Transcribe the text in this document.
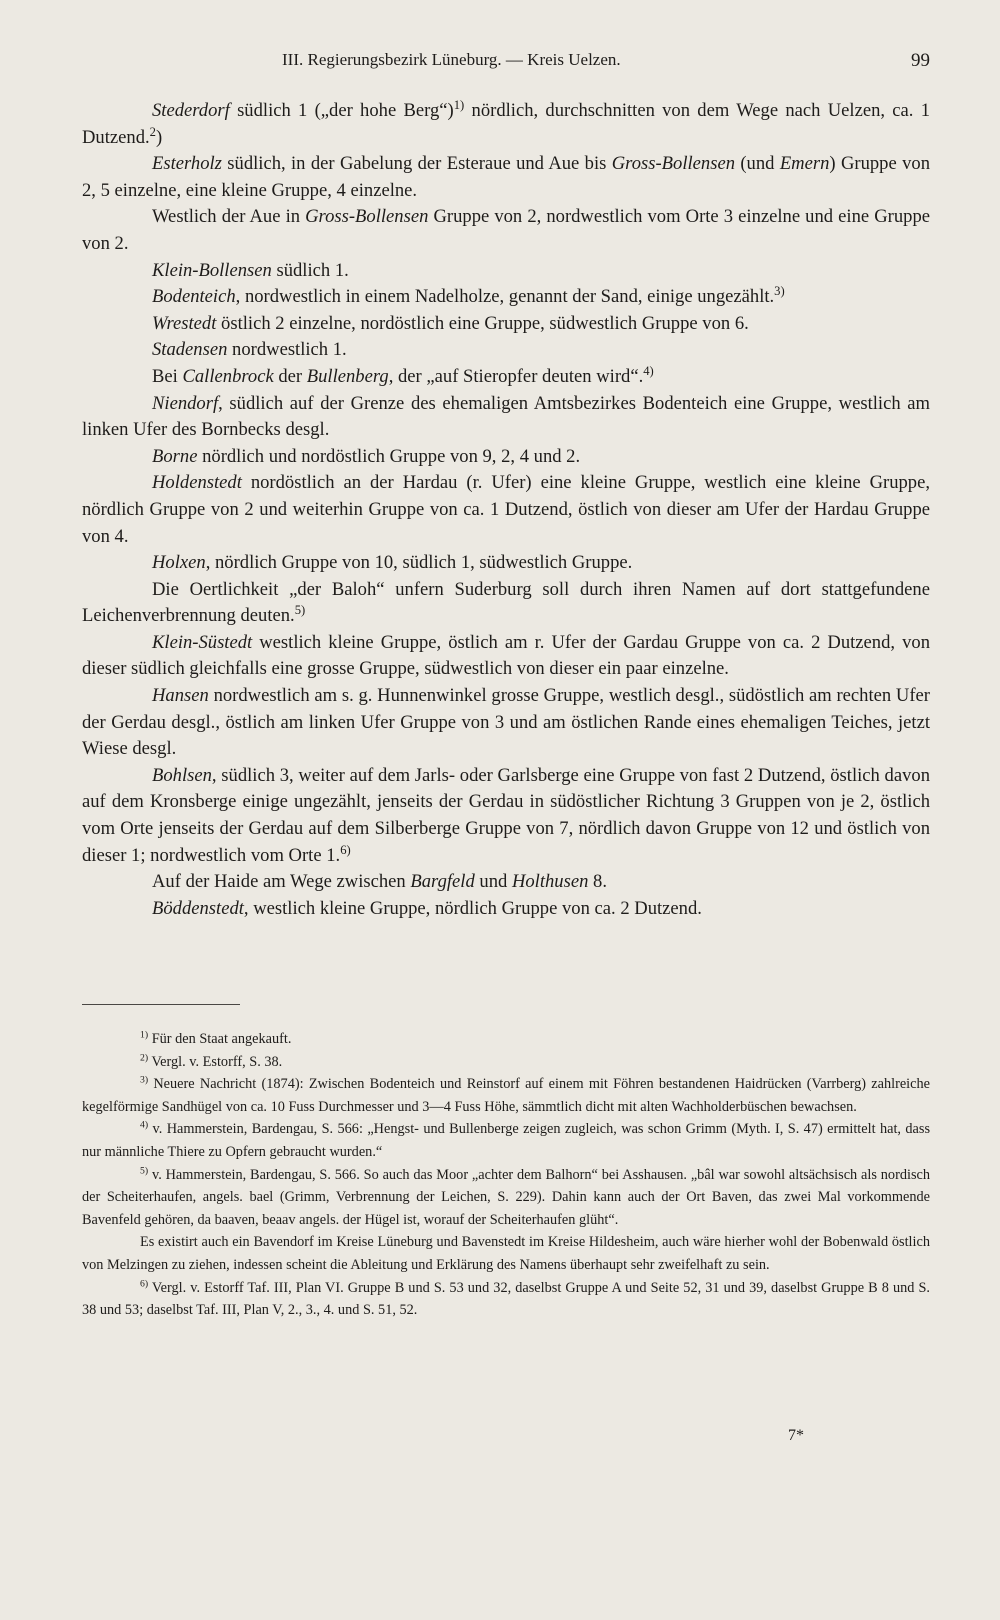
III. Regierungsbezirk Lüneburg. — Kreis Uelzen.	99

Stederdorf südlich 1 („der hohe Berg“)$^{1)}$ nördlich, durchschnitten von dem Wege nach Uelzen, ca. 1 Dutzend.$^2$)

Esterholz südlich, in der Gabelung der Esteraue und Aue bis Gross-Bollensen (und Emern) Gruppe von 2, 5 einzelne, eine kleine Gruppe, 4 einzelne.

Westlich der Aue in Gross-Bollensen Gruppe von 2, nordwestlich vom Orte 3 einzelne und eine Gruppe von 2.

Klein-Bollensen südlich 1.

Bodenteich, nordwestlich in einem Nadelholze, genannt der Sand, einige ungezählt.$^{3)}$

Wrestedt östlich 2 einzelne, nordöstlich eine Gruppe, südwestlich Gruppe von 6.

Stadensen nordwestlich 1.

Bei Callenbrock der Bullenberg, der „auf Stieropfer deuten wird“.$^{4)}$

Niendorf, südlich auf der Grenze des ehemaligen Amtsbezirkes Bodenteich eine Gruppe, westlich am linken Ufer des Bornbecks desgl.

Borne nördlich und nordöstlich Gruppe von 9, 2, 4 und 2.

Holdenstedt nordöstlich an der Hardau (r. Ufer) eine kleine Gruppe, westlich eine kleine Gruppe, nördlich Gruppe von 2 und weiterhin Gruppe von ca. 1 Dutzend, östlich von dieser am Ufer der Hardau Gruppe von 4.

Holxen, nördlich Gruppe von 10, südlich 1, südwestlich Gruppe.

Die Oertlichkeit „der Baloh“ unfern Suderburg soll durch ihren Namen auf dort stattgefundene Leichenverbrennung deuten.$^{5)}$

Klein-Süstedt westlich kleine Gruppe, östlich am r. Ufer der Gardau Gruppe von ca. 2 Dutzend, von dieser südlich gleichfalls eine grosse Gruppe, südwestlich von dieser ein paar einzelne.

Hansen nordwestlich am s. g. Hunnenwinkel grosse Gruppe, westlich desgl., südöstlich am rechten Ufer der Gerdau desgl., östlich am linken Ufer Gruppe von 3 und am östlichen Rande eines ehemaligen Teiches, jetzt Wiese desgl.

Bohlsen, südlich 3, weiter auf dem Jarls- oder Garlsberge eine Gruppe von fast 2 Dutzend, östlich davon auf dem Kronsberge einige ungezählt, jenseits der Gerdau in südöstlicher Richtung 3 Gruppen von je 2, östlich vom Orte jenseits der Gerdau auf dem Silberberge Gruppe von 7, nördlich davon Gruppe von 12 und östlich von dieser 1; nordwestlich vom Orte 1.$^{6)}$

Auf der Haide am Wege zwischen Bargfeld und Holthusen 8.

Böddenstedt, westlich kleine Gruppe, nördlich Gruppe von ca. 2 Dutzend.

$^{1)}$ Für den Staat angekauft.

$^{2)}$ Vergl. v. Estorff, S. 38.

$^{3)}$ Neuere Nachricht (1874): Zwischen Bodenteich und Reinstorf auf einem mit Föhren bestandenen Haidrücken (Varrberg) zahlreiche kegelförmige Sandhügel von ca. 10 Fuss Durchmesser und 3—4 Fuss Höhe, sämmtlich dicht mit alten Wachholderbüschen bewachsen.

$^{4)}$ v. Hammerstein, Bardengau, S. 566: „Hengst- und Bullenberge zeigen zugleich, was schon Grimm (Myth. I, S. 47) ermittelt hat, dass nur männliche Thiere zu Opfern gebraucht wurden.“

$^{5)}$ v. Hammerstein, Bardengau, S. 566. So auch das Moor „achter dem Balhorn“ bei Asshausen. „bâl war sowohl altsächsisch als nordisch der Scheiterhaufen, angels. bael (Grimm, Verbrennung der Leichen, S. 229). Dahin kann auch der Ort Baven, das zwei Mal vorkommende Bavenfeld gehören, da baaven, beaav angels. der Hügel ist, worauf der Scheiterhaufen glüht“.

Es existirt auch ein Bavendorf im Kreise Lüneburg und Bavenstedt im Kreise Hildesheim, auch wäre hierher wohl der Bobenwald östlich von Melzingen zu ziehen, indessen scheint die Ableitung und Erklärung des Namens überhaupt sehr zweifelhaft zu sein.

$^{6)}$ Vergl. v. Estorff Taf. III, Plan VI. Gruppe B und S. 53 und 32, daselbst Gruppe A und Seite 52, 31 und 39, daselbst Gruppe B 8 und S. 38 und 53; daselbst Taf. III, Plan V, 2., 3., 4. und S. 51, 52.

7*
